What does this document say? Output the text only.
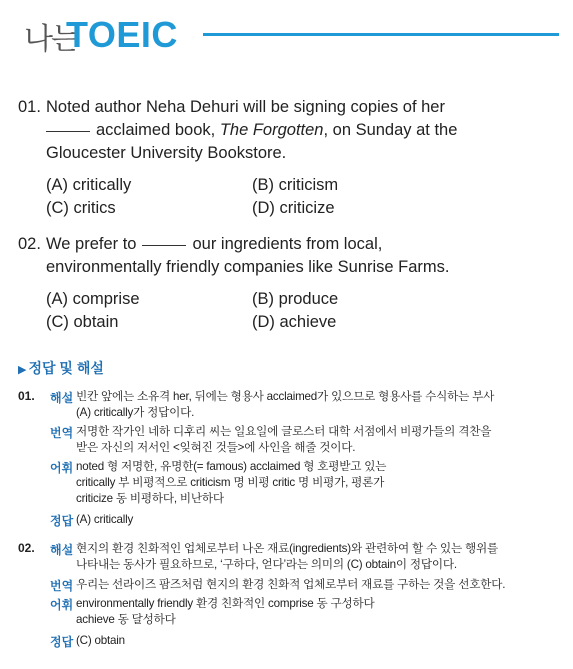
나는
TOEIC
01. Noted author Neha Dehuri will be signing copies of her
acclaimed book, The Forgotten, on Sunday at the
Gloucester University Bookstore.
(A) critically	(B) criticism
(C) critics	(D) criticize
02. We prefer to	our ingredients from local,
environmentally friendly companies like Sunrise Farms.
(A) comprise	(B) produce
(C) obtain	(D) achieve
▶ 정답 및 해설
01. 해설 빈칸 앞에는 소유격 her, 뒤에는 형용사 acclaimed가 있으므로 형용사를 수식하는 부사
(A) critically가 정답이다.
번역 저명한 작가인 네하 디후리 씨는 일요일에 글로스터 대학 서점에서 비평가들의 격찬을
받은 자신의 저서인 <잊혀진 것들>에 사인을 해줄 것이다.
어휘 noted 형 저명한, 유명한(= famous) acclaimed 형 호평받고 있는
critically 부 비평적으로 criticism 명 비평 critic 명 비평가, 평론가
criticize 동 비평하다, 비난하다
정답 (A) critically
02. 해설 현지의 환경 친화적인 업체로부터 나온 재료(ingredients)와 관련하여 할 수 있는 행위를
나타내는 동사가 필요하므로, ‘구하다, 얻다’라는 의미의 (C) obtain이 정답이다.
번역 우리는 선라이즈 팜즈처럼 현지의 환경 친화적 업체로부터 재료를 구하는 것을 선호한다.
어휘 environmentally friendly 환경 친화적인 comprise 동 구성하다
achieve 동 달성하다
정답 (C) obtain
